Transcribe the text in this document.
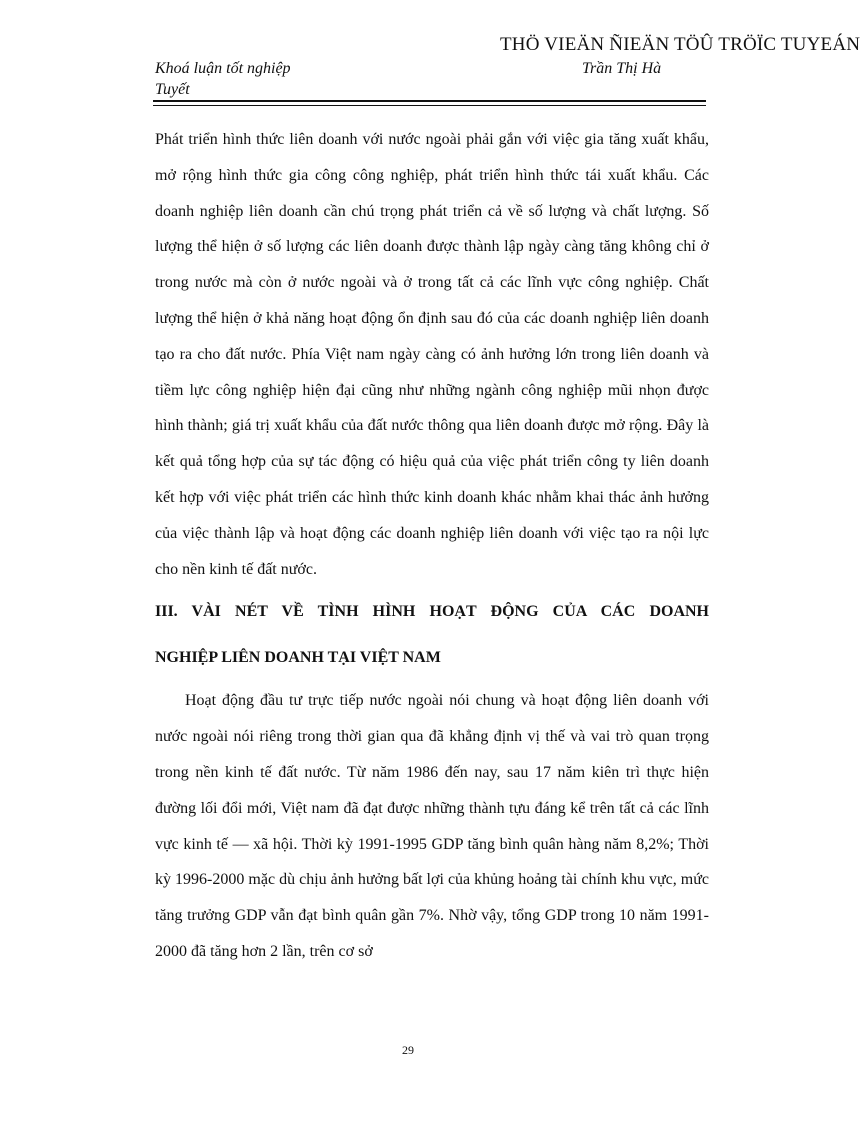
THÖ VIEÄN ÑIEÄN TÖÛ TRÖÏC TUYEÁN
Khoá luận tốt nghiệp
Tuyết
Trần Thị Hà

Phát triển hình thức liên doanh với nước ngoài phải gắn với việc gia tăng xuất khẩu, mở rộng hình thức gia công công nghiệp, phát triển hình thức tái xuất khẩu. Các doanh nghiệp liên doanh cần chú trọng phát triển cả về số lượng và chất lượng. Số lượng thể hiện ở số lượng các liên doanh được thành lập ngày càng tăng không chỉ ở trong nước mà còn ở nước ngoài và ở trong tất cả các lĩnh vực công nghiệp. Chất lượng thể hiện ở khả năng hoạt động ổn định sau đó của các doanh nghiệp liên doanh tạo ra cho đất nước. Phía Việt nam ngày càng có ảnh hưởng lớn trong liên doanh và tiềm lực công nghiệp hiện đại cũng như những ngành công nghiệp mũi nhọn được hình thành; giá trị xuất khẩu của đất nước thông qua liên doanh được mở rộng. Đây là kết quả tổng hợp của sự tác động có hiệu quả của việc phát triển công ty liên doanh kết hợp với việc phát triển các hình thức kinh doanh khác nhằm khai thác ảnh hưởng của việc thành lập và hoạt động các doanh nghiệp liên doanh với việc tạo ra nội lực cho nền kinh tế đất nước.

III. VÀI NÉT VỀ TÌNH HÌNH HOẠT ĐỘNG CỦA CÁC DOANH
NGHIỆP LIÊN DOANH TẠI VIỆT NAM

Hoạt động đầu tư trực tiếp nước ngoài nói chung và hoạt động liên doanh với nước ngoài nói riêng trong thời gian qua đã khẳng định vị thế và vai trò quan trọng trong nền kinh tế đất nước. Từ năm 1986 đến nay, sau 17 năm kiên trì thực hiện đường lối đổi mới, Việt nam đã đạt được những thành tựu đáng kể trên tất cả các lĩnh vực kinh tế — xã hội. Thời kỳ 1991-1995 GDP tăng bình quân hàng năm 8,2%; Thời kỳ 1996-2000 mặc dù chịu ảnh hưởng bất lợi của khủng hoảng tài chính khu vực, mức tăng trưởng GDP vẫn đạt bình quân gần 7%. Nhờ vậy, tổng GDP trong 10 năm 1991-2000 đã tăng hơn 2 lần, trên cơ sở

29
